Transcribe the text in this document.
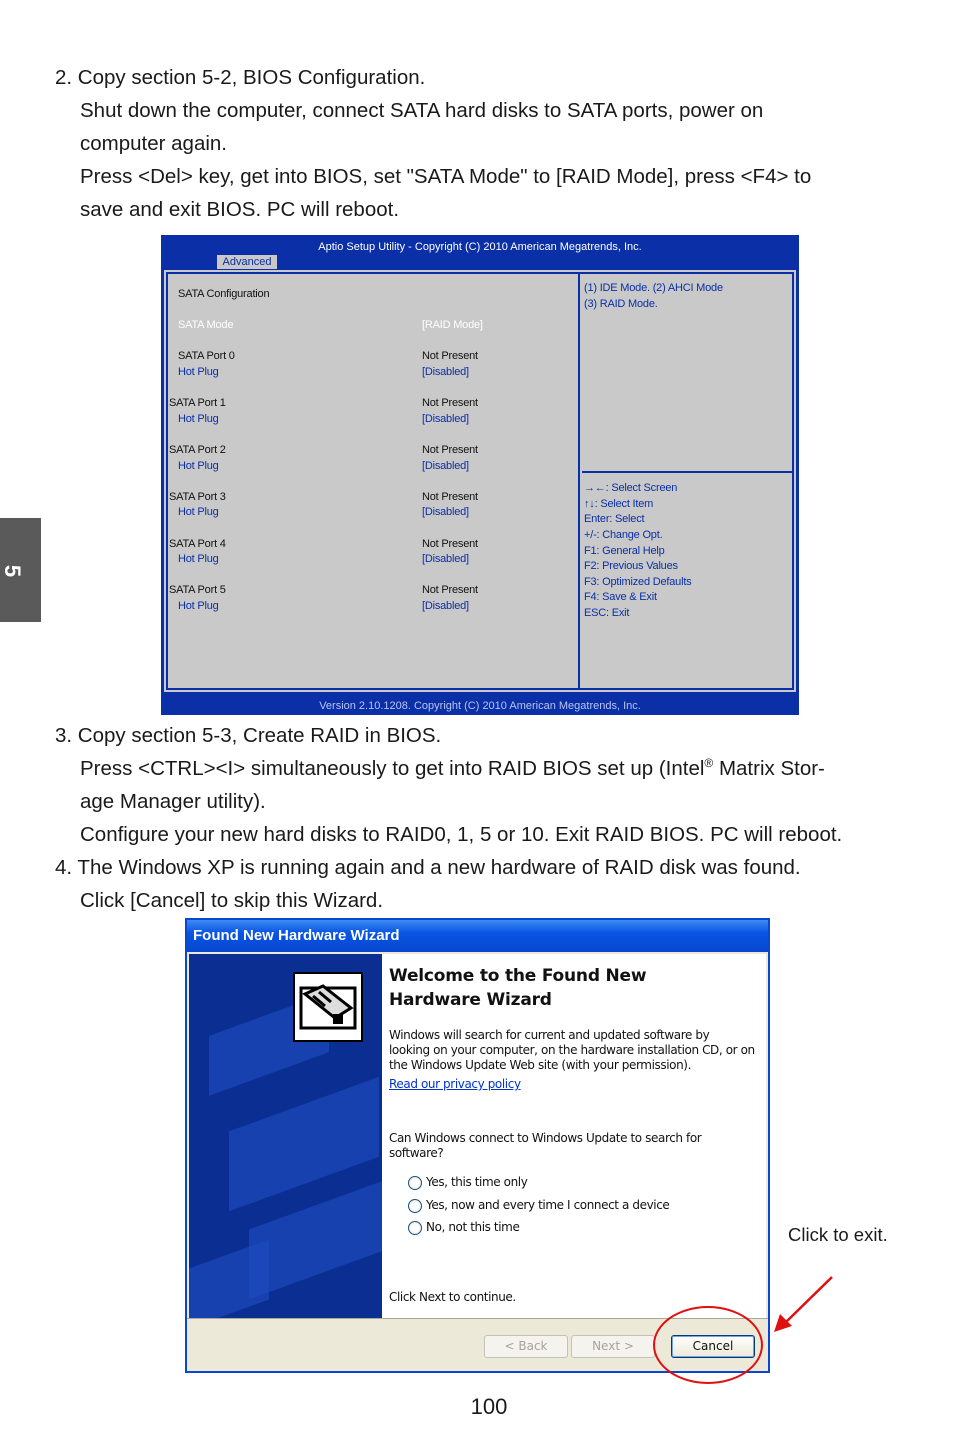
5
2. Copy section 5-2, BIOS Configuration.
Shut down the computer, connect SATA hard disks to SATA ports, power on
computer again.
Press <Del> key, get into BIOS, set "SATA Mode" to [RAID Mode], press <F4> to
save and exit BIOS. PC will reboot.
Aptio Setup Utility - Copyright (C) 2010 American Megatrends, Inc.
Advanced
SATA Configuration
SATA Mode	[RAID Mode]
SATA Port 0	Not Present
Hot Plug	[Disabled]
SATA Port 1	Not Present
Hot Plug	[Disabled]
SATA Port 2	Not Present
Hot Plug	[Disabled]
SATA Port 3	Not Present
Hot Plug	[Disabled]
SATA Port 4	Not Present
Hot Plug	[Disabled]
SATA Port 5	Not Present
Hot Plug	[Disabled]
(1) IDE Mode. (2) AHCI Mode
(3) RAID Mode.
→←: Select Screen
↑↓: Select Item
Enter: Select
+/-: Change Opt.
F1: General Help
F2: Previous Values
F3: Optimized Defaults
F4: Save & Exit
ESC: Exit
Version 2.10.1208. Copyright (C) 2010 American Megatrends, Inc.
3. Copy section 5-3, Create RAID in BIOS.
Press <CTRL><I> simultaneously to get into RAID BIOS set up (Intel® Matrix Stor-
age Manager utility).
Configure your new hard disks to RAID0, 1, 5 or 10. Exit RAID BIOS. PC will reboot.
4. The Windows XP is running again and a new hardware of RAID disk was found.
Click [Cancel] to skip this Wizard.
Found New Hardware Wizard
Welcome to the Found New
Hardware Wizard
Windows will search for current and updated software by
looking on your computer, on the hardware installation CD, or on
the Windows Update Web site (with your permission).
Read our privacy policy
Can Windows connect to Windows Update to search for
software?
Yes, this time only
Yes, now and every time I connect a device
No, not this time
Click Next to continue.
< Back	Next >	Cancel
Click to exit.
100
